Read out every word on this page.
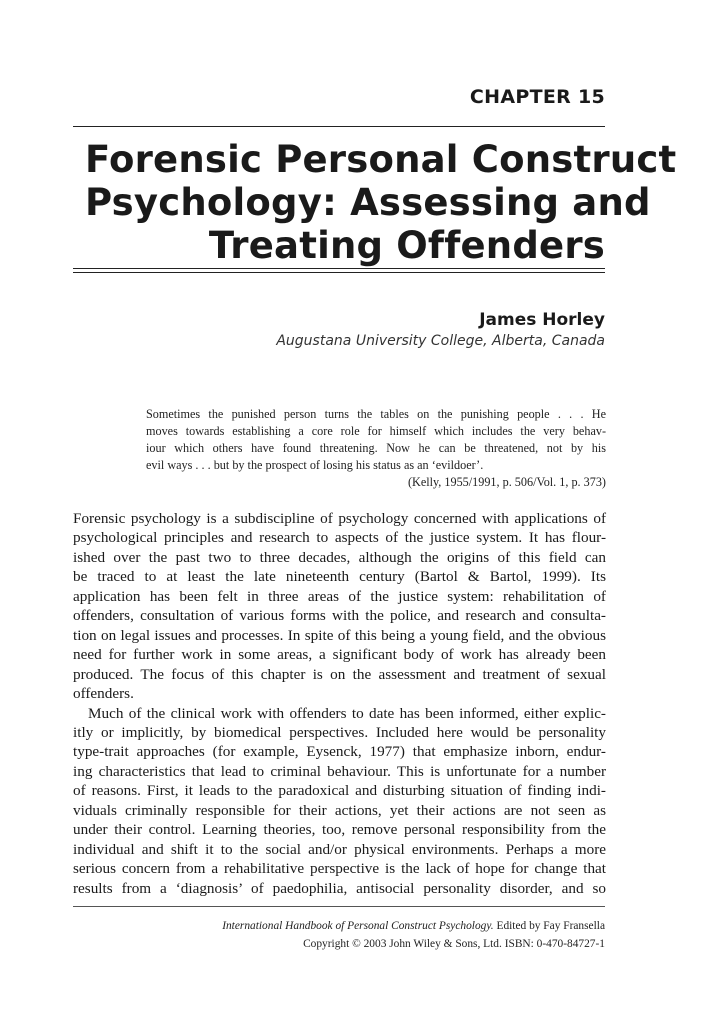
CHAPTER 15
Forensic Personal Construct
Psychology: Assessing and
Treating Offenders
James Horley
Augustana University College, Alberta, Canada
Sometimes the punished person turns the tables on the punishing people . . . He
moves towards establishing a core role for himself which includes the very behav-
iour which others have found threatening. Now he can be threatened, not by his
evil ways . . . but by the prospect of losing his status as an ‘evildoer’.
(Kelly, 1955/1991, p. 506/Vol. 1, p. 373)
Forensic psychology is a subdiscipline of psychology concerned with applications of
psychological principles and research to aspects of the justice system. It has flour-
ished over the past two to three decades, although the origins of this field can
be traced to at least the late nineteenth century (Bartol & Bartol, 1999). Its
application has been felt in three areas of the justice system: rehabilitation of
offenders, consultation of various forms with the police, and research and consulta-
tion on legal issues and processes. In spite of this being a young field, and the obvious
need for further work in some areas, a significant body of work has already been
produced. The focus of this chapter is on the assessment and treatment of sexual
offenders.
Much of the clinical work with offenders to date has been informed, either explic-
itly or implicitly, by biomedical perspectives. Included here would be personality
type-trait approaches (for example, Eysenck, 1977) that emphasize inborn, endur-
ing characteristics that lead to criminal behaviour. This is unfortunate for a number
of reasons. First, it leads to the paradoxical and disturbing situation of finding indi-
viduals criminally responsible for their actions, yet their actions are not seen as
under their control. Learning theories, too, remove personal responsibility from the
individual and shift it to the social and/or physical environments. Perhaps a more
serious concern from a rehabilitative perspective is the lack of hope for change that
results from a ‘diagnosis’ of paedophilia, antisocial personality disorder, and so
International Handbook of Personal Construct Psychology. Edited by Fay Fransella
Copyright © 2003 John Wiley & Sons, Ltd. ISBN: 0-470-84727-1
